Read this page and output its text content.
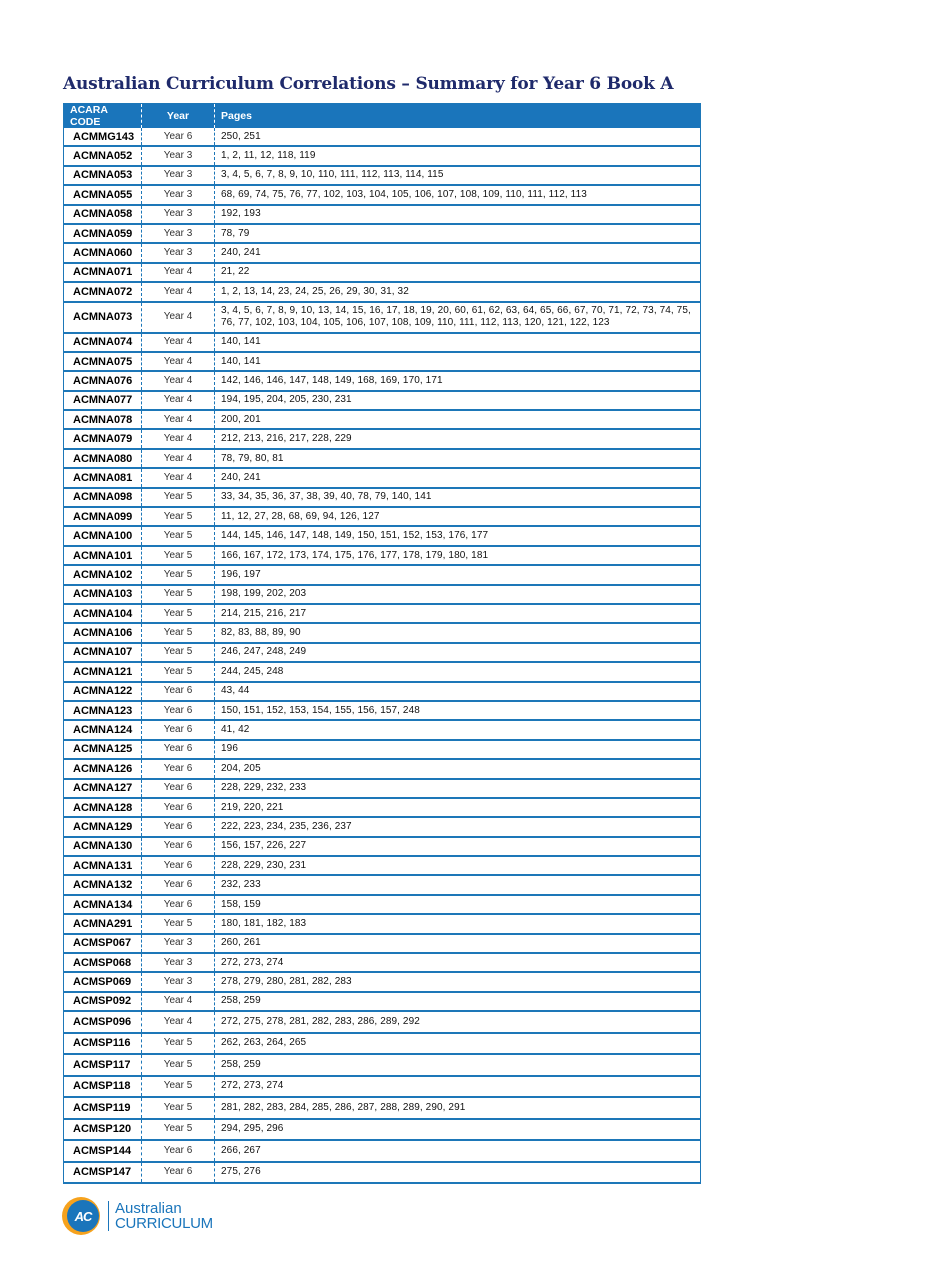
Australian Curriculum Correlations – Summary for Year 6 Book A
ACARA CODE	Year	Pages
ACMMG143	Year 6	250, 251
ACMNA052	Year 3	1, 2, 11, 12, 118, 119
ACMNA053	Year 3	3, 4, 5, 6, 7, 8, 9, 10, 110, 111, 112, 113, 114, 115
ACMNA055	Year 3	68, 69, 74, 75, 76, 77, 102, 103, 104, 105, 106, 107, 108, 109, 110, 111, 112, 113
ACMNA058	Year 3	192, 193
ACMNA059	Year 3	78, 79
ACMNA060	Year 3	240, 241
ACMNA071	Year 4	21, 22
ACMNA072	Year 4	1, 2, 13, 14, 23, 24, 25, 26, 29, 30, 31, 32
ACMNA073	Year 4	3, 4, 5, 6, 7, 8, 9, 10, 13, 14, 15, 16, 17, 18, 19, 20, 60, 61, 62, 63, 64, 65, 66, 67, 70, 71, 72, 73, 74, 75, 76, 77, 102, 103, 104, 105, 106, 107, 108, 109, 110, 111, 112, 113, 120, 121, 122, 123
ACMNA074	Year 4	140, 141
ACMNA075	Year 4	140, 141
ACMNA076	Year 4	142, 146, 146, 147, 148, 149, 168, 169, 170, 171
ACMNA077	Year 4	194, 195, 204, 205, 230, 231
ACMNA078	Year 4	200, 201
ACMNA079	Year 4	212, 213, 216, 217, 228, 229
ACMNA080	Year 4	78, 79, 80, 81
ACMNA081	Year 4	240, 241
ACMNA098	Year 5	33, 34, 35, 36, 37, 38, 39, 40, 78, 79, 140, 141
ACMNA099	Year 5	11, 12, 27, 28, 68, 69, 94, 126, 127
ACMNA100	Year 5	144, 145, 146, 147, 148, 149, 150, 151, 152, 153, 176, 177
ACMNA101	Year 5	166, 167, 172, 173, 174, 175, 176, 177, 178, 179, 180, 181
ACMNA102	Year 5	196, 197
ACMNA103	Year 5	198, 199, 202, 203
ACMNA104	Year 5	214, 215, 216, 217
ACMNA106	Year 5	82, 83, 88, 89, 90
ACMNA107	Year 5	246, 247, 248, 249
ACMNA121	Year 5	244, 245, 248
ACMNA122	Year 6	43, 44
ACMNA123	Year 6	150, 151, 152, 153, 154, 155, 156, 157, 248
ACMNA124	Year 6	41, 42
ACMNA125	Year 6	196
ACMNA126	Year 6	204, 205
ACMNA127	Year 6	228, 229, 232, 233
ACMNA128	Year 6	219, 220, 221
ACMNA129	Year 6	222, 223, 234, 235, 236, 237
ACMNA130	Year 6	156, 157, 226, 227
ACMNA131	Year 6	228, 229, 230, 231
ACMNA132	Year 6	232, 233
ACMNA134	Year 6	158, 159
ACMNA291	Year 5	180, 181, 182, 183
ACMSP067	Year 3	260, 261
ACMSP068	Year 3	272, 273, 274
ACMSP069	Year 3	278, 279, 280, 281, 282, 283
ACMSP092	Year 4	258, 259
ACMSP096	Year 4	272, 275, 278, 281, 282, 283, 286, 289, 292
ACMSP116	Year 5	262, 263, 264, 265
ACMSP117	Year 5	258, 259
ACMSP118	Year 5	272, 273, 274
ACMSP119	Year 5	281, 282, 283, 284, 285, 286, 287, 288, 289, 290, 291
ACMSP120	Year 5	294, 295, 296
ACMSP144	Year 6	266, 267
ACMSP147	Year 6	275, 276
AC	Australian
CURRICULUM
